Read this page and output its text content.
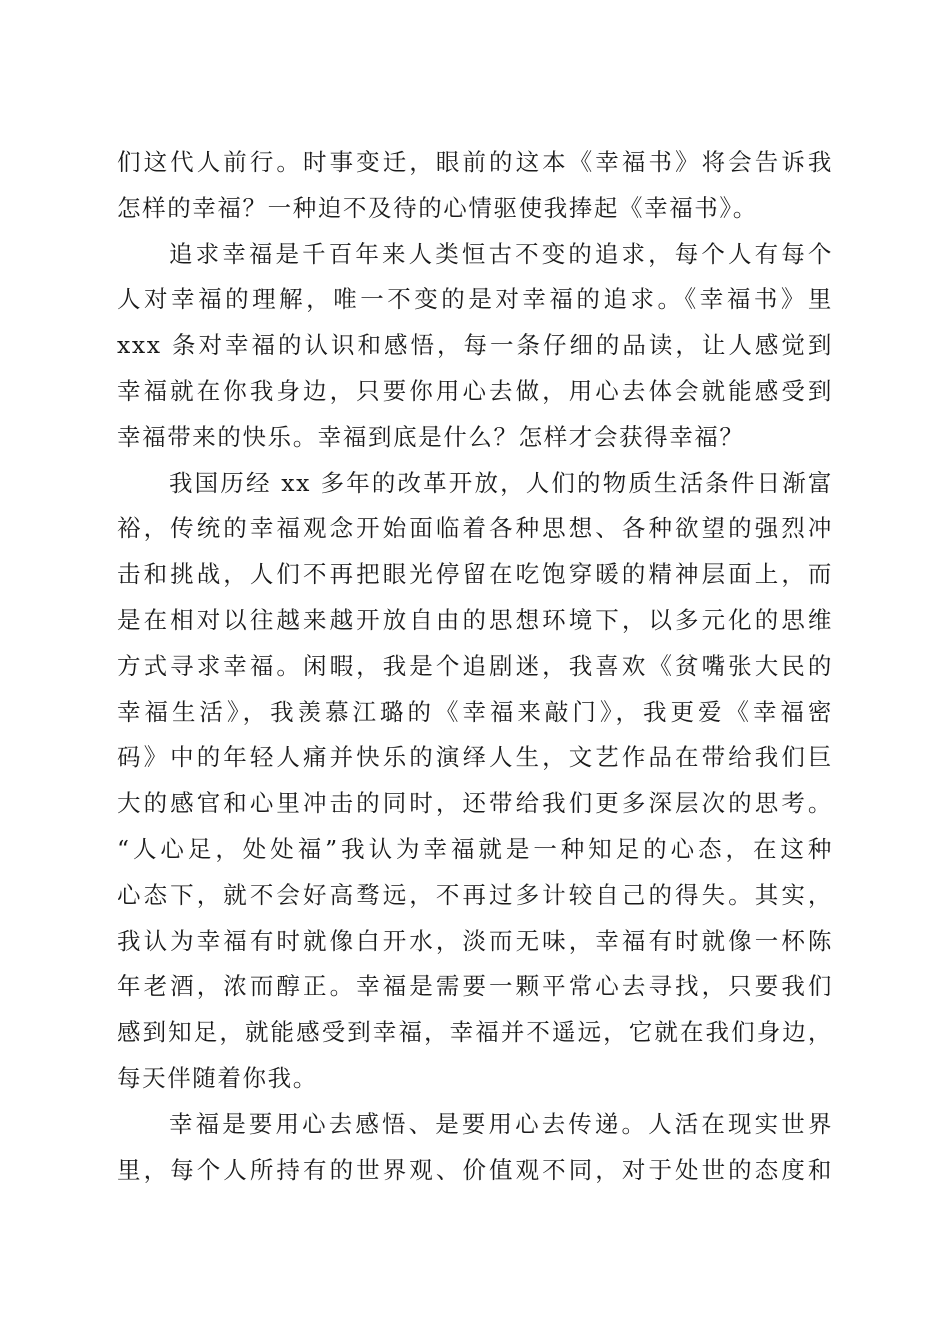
们这代人前行。时事变迁，眼前的这本《幸福书》将会告诉我
怎样的幸福？一种迫不及待的心情驱使我捧起《幸福书》。
追求幸福是千百年来人类恒古不变的追求，每个人有每个
人对幸福的理解，唯一不变的是对幸福的追求。《幸福书》里
xxx 条对幸福的认识和感悟，每一条仔细的品读，让人感觉到
幸福就在你我身边，只要你用心去做，用心去体会就能感受到
幸福带来的快乐。幸福到底是什么？怎样才会获得幸福？
我国历经 xx 多年的改革开放，人们的物质生活条件日渐富
裕，传统的幸福观念开始面临着各种思想、各种欲望的强烈冲
击和挑战，人们不再把眼光停留在吃饱穿暖的精神层面上，而
是在相对以往越来越开放自由的思想环境下，以多元化的思维
方式寻求幸福。闲暇，我是个追剧迷，我喜欢《贫嘴张大民的
幸福生活》，我羡慕江璐的《幸福来敲门》，我更爱《幸福密
码》中的年轻人痛并快乐的演绎人生，文艺作品在带给我们巨
大的感官和心里冲击的同时，还带给我们更多深层次的思考。
“人心足，处处福”我认为幸福就是一种知足的心态，在这种
心态下，就不会好高骛远，不再过多计较自己的得失。其实，
我认为幸福有时就像白开水，淡而无味，幸福有时就像一杯陈
年老酒，浓而醇正。幸福是需要一颗平常心去寻找，只要我们
感到知足，就能感受到幸福，幸福并不遥远，它就在我们身边，
每天伴随着你我。
幸福是要用心去感悟、是要用心去传递。人活在现实世界
里，每个人所持有的世界观、价值观不同，对于处世的态度和
